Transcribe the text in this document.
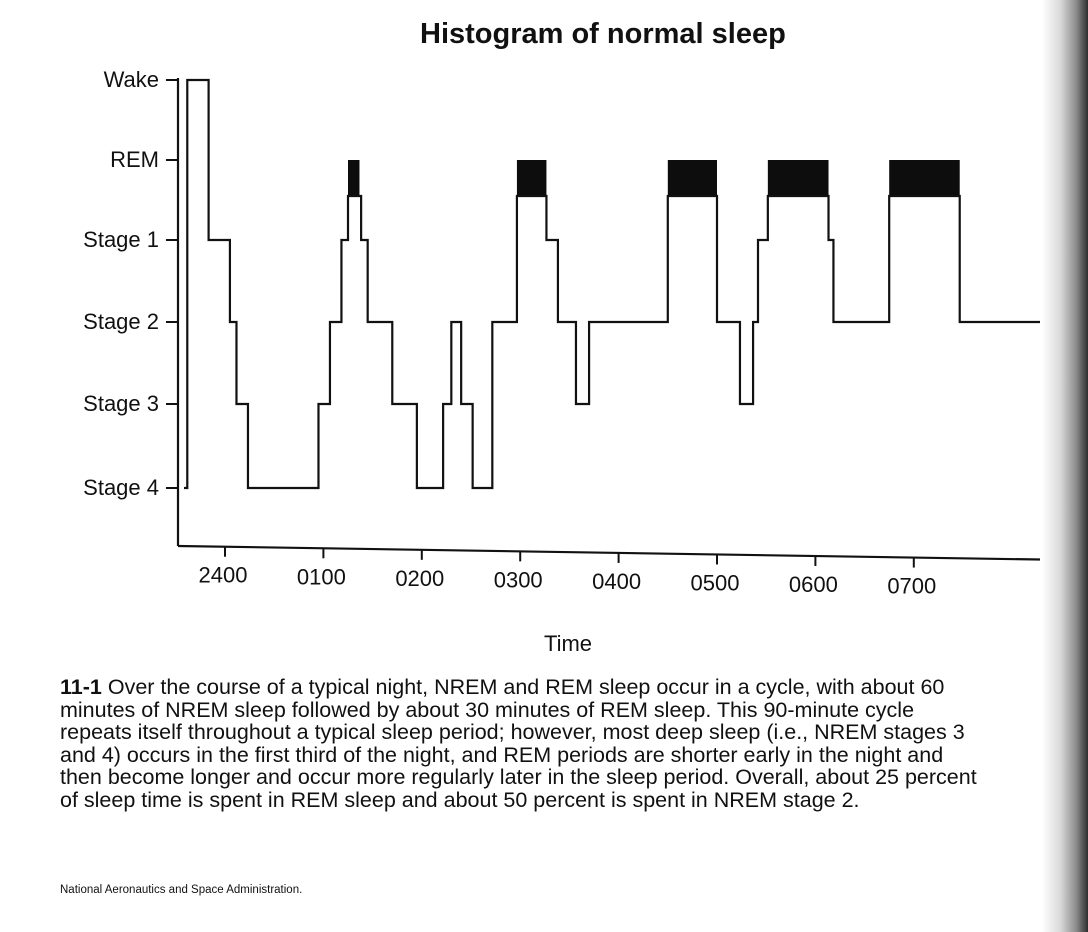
Histogram of normal sleep
Wake
REM
Stage 1
Stage 2
Stage 3
Stage 4
2400 0100 0200 0300 0400 0500 0600 0700
Time

11-1 Over the course of a typical night, NREM and REM sleep occur in a cycle, with about 60 minutes of NREM sleep followed by about 30 minutes of REM sleep. This 90-minute cycle repeats itself throughout a typical sleep period; however, most deep sleep (i.e., NREM stages 3 and 4) occurs in the first third of the night, and REM periods are shorter early in the night and then become longer and occur more regularly later in the sleep period. Overall, about 25 percent of sleep time is spent in REM sleep and about 50 percent is spent in NREM stage 2.

National Aeronautics and Space Administration.
